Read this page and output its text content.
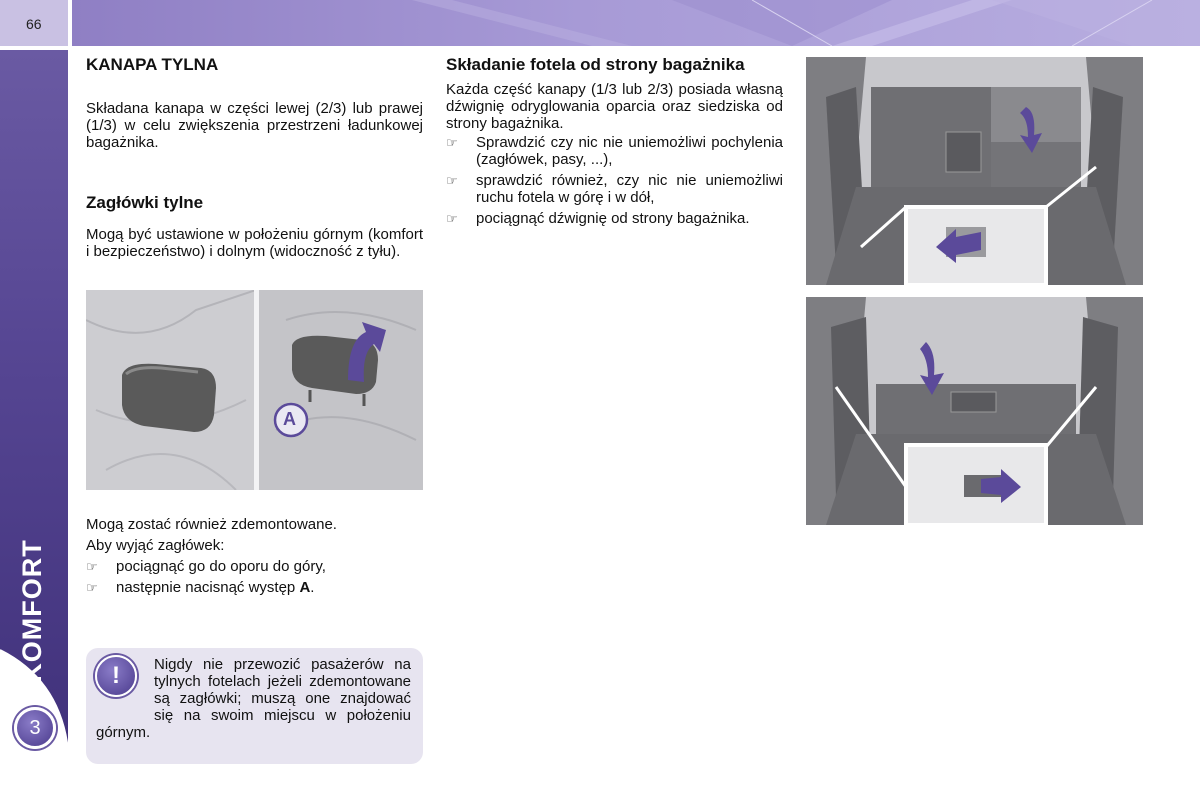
66
KOMFORT
3
KANAPA TYLNA

Składana kanapa w części lewej (2/3) lub prawej (1/3) w celu zwiększenia przestrzeni ładunkowej bagażnika.

Zagłówki tylne

Mogą być ustawione w położeniu górnym (komfort i bezpieczeństwo) i dolnym (widoczność z tyłu).

A

Mogą zostać również zdemontowane.

Aby wyjąć zagłówek:

☞ pociągnąć go do oporu do góry,
☞ następnie nacisnąć występ A.
!	Nigdy nie przewozić pasażerów na tylnych fotelach jeżeli zdemontowane są zagłówki; muszą one znajdować się na swoim miejscu w położeniu górnym.
Składanie fotela od strony bagażnika

Każda część kanapy (1/3 lub 2/3) posiada własną dźwignię odryglowania oparcia oraz siedziska od strony bagażnika.

☞ Sprawdzić czy nic nie uniemożliwi pochylenia (zagłówek, pasy, ...),
☞ sprawdzić również, czy nic nie uniemożliwi ruchu fotela w górę i w dół,
☞ pociągnąć dźwignię od strony bagażnika.
